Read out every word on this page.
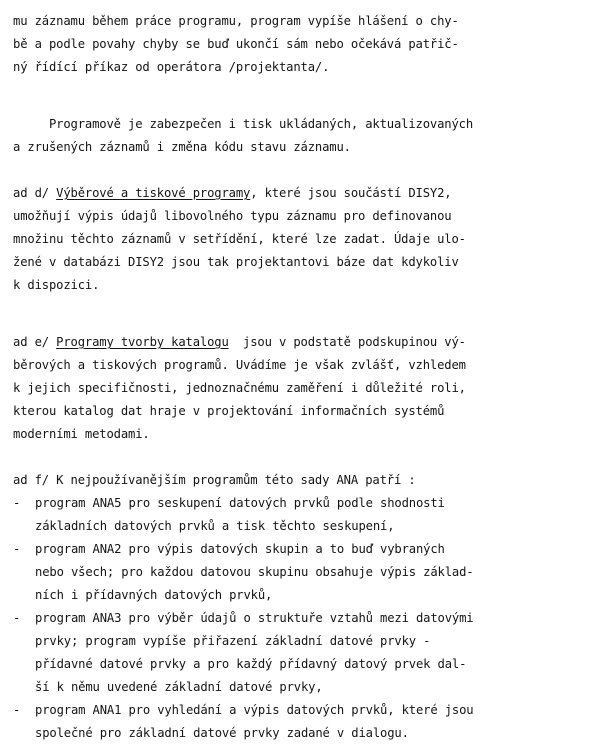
mu záznamu během práce programu, program vypíše hlášení o chy-
bě a podle povahy chyby se buď ukončí sám nebo očekává patřič-
ný řídící příkaz od operátora /projektanta/.
Programově je zabezpečen i tisk ukládaných, aktualizovaných
a zrušených záznamů i změna kódu stavu záznamu.
ad d/ Výběrové a tiskové programy, které jsou součástí DISY2,
umožňují výpis údajů libovolného typu záznamu pro definovanou
množinu těchto záznamů v setřídění, které lze zadat. Údaje ulo-
žené v databázi DISY2 jsou tak projektantovi báze dat kdykoliv
k dispozici.
ad e/ Programy tvorby katalogu  jsou v podstatě podskupinou vý-
běrových a tiskových programů. Uvádíme je však zvlášť, vzhledem
k jejich specifičnosti, jednoznačnému zaměření i důležité roli,
kterou katalog dat hraje v projektování informačních systémů
moderními metodami.
ad f/ K nejpoužívanějším programům této sady ANA patří :
- program ANA5 pro seskupení datových prvků podle shodnosti
základních datových prvků a tisk těchto seskupení,
- program ANA2 pro výpis datových skupin a to buď vybraných
nebo všech; pro každou datovou skupinu obsahuje výpis základ-
ních i přídavných datových prvků,
- program ANA3 pro výběr údajů o struktuře vztahů mezi datovými
prvky; program vypíše přiřazení základní datové prvky -
přídavné datové prvky a pro každý přídavný datový prvek dal-
ší k němu uvedené základní datové prvky,
- program ANA1 pro vyhledání a výpis datových prvků, které jsou
společné pro základní datové prvky zadané v dialogu.
